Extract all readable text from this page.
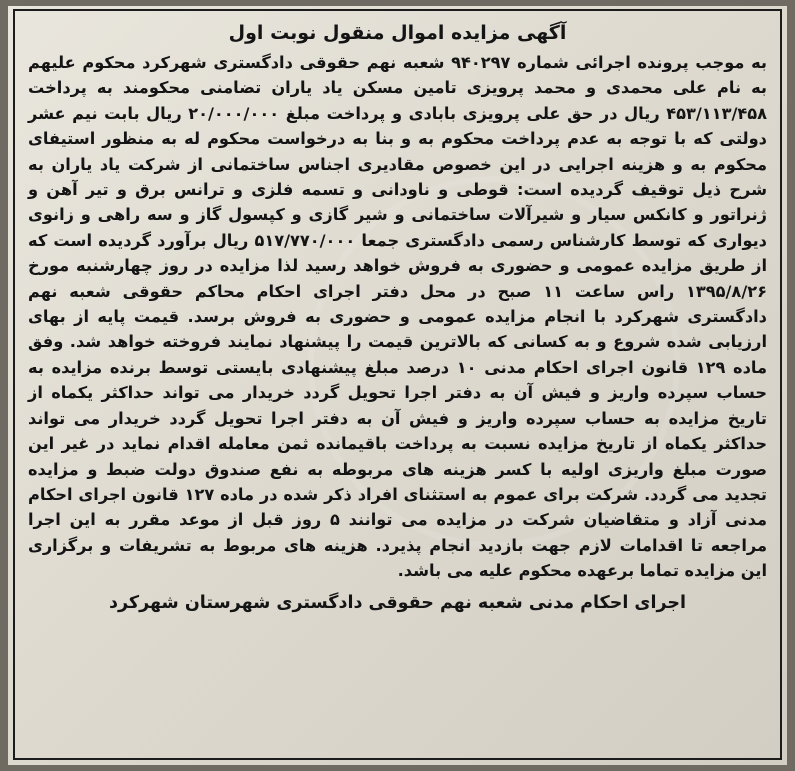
آگهی مزایده اموال منقول نوبت اول

به موجب پرونده اجرائی شماره ۹۴۰۲۹۷ شعبه نهم حقوقی دادگستری شهرکرد محکوم علیهم به نام علی محمدی و محمد پرویزی تامین مسکن یاد یاران تضامنی محکومند به پرداخت ۴۵۳/۱۱۳/۴۵۸ ریال در حق علی پرویزی بابادی و پرداخت مبلغ ۲۰/۰۰۰/۰۰۰ ریال بابت نیم عشر دولتی که با توجه به عدم پرداخت محکوم به و بنا به درخواست محکوم له به منظور استیفای محکوم به و هزینه اجرایی در این خصوص مقادیری اجناس ساختمانی از شرکت یاد یاران به شرح ذیل توقیف گردیده است: قوطی و ناودانی و تسمه فلزی و ترانس برق و تیر آهن و ژنراتور و کانکس سیار و شیرآلات ساختمانی و شیر گازی و کپسول گاز و سه راهی و زانوی دیواری که توسط کارشناس رسمی دادگستری جمعا ۵۱۷/۷۷۰/۰۰۰ ریال برآورد گردیده است که از طریق مزایده عمومی و حضوری به فروش خواهد رسید لذا مزایده در روز چهارشنبه مورخ ۱۳۹۵/۸/۲۶ راس ساعت ۱۱ صبح در محل دفتر اجرای احکام محاکم حقوقی شعبه نهم دادگستری شهرکرد با انجام مزایده عمومی و حضوری به فروش برسد. قیمت پایه از بهای ارزیابی شده شروع و به کسانی که بالاترین قیمت را پیشنهاد نمایند فروخته خواهد شد. وفق ماده ۱۲۹ قانون اجرای احکام مدنی ۱۰ درصد مبلغ پیشنهادی بایستی توسط برنده مزایده به حساب سپرده واریز و فیش آن به دفتر اجرا تحویل گردد خریدار می تواند حداکثر یکماه از تاریخ مزایده به حساب سپرده واریز و فیش آن به دفتر اجرا تحویل گردد خریدار می تواند حداکثر یکماه از تاریخ مزایده نسبت به پرداخت باقیمانده ثمن معامله اقدام نماید در غیر این صورت مبلغ واریزی اولیه با کسر هزینه های مربوطه به نفع صندوق دولت ضبط و مزایده تجدید می گردد. شرکت برای عموم به استثنای افراد ذکر شده در ماده ۱۲۷ قانون اجرای احکام مدنی آزاد و متقاضیان شرکت در مزایده می توانند ۵ روز قبل از موعد مقرر به این اجرا مراجعه تا اقدامات لازم جهت بازدید انجام پذیرد. هزینه های مربوط به تشریفات و برگزاری این مزایده تماما برعهده محکوم علیه می باشد.

اجرای احکام مدنی شعبه نهم حقوقی دادگستری شهرستان شهرکرد
